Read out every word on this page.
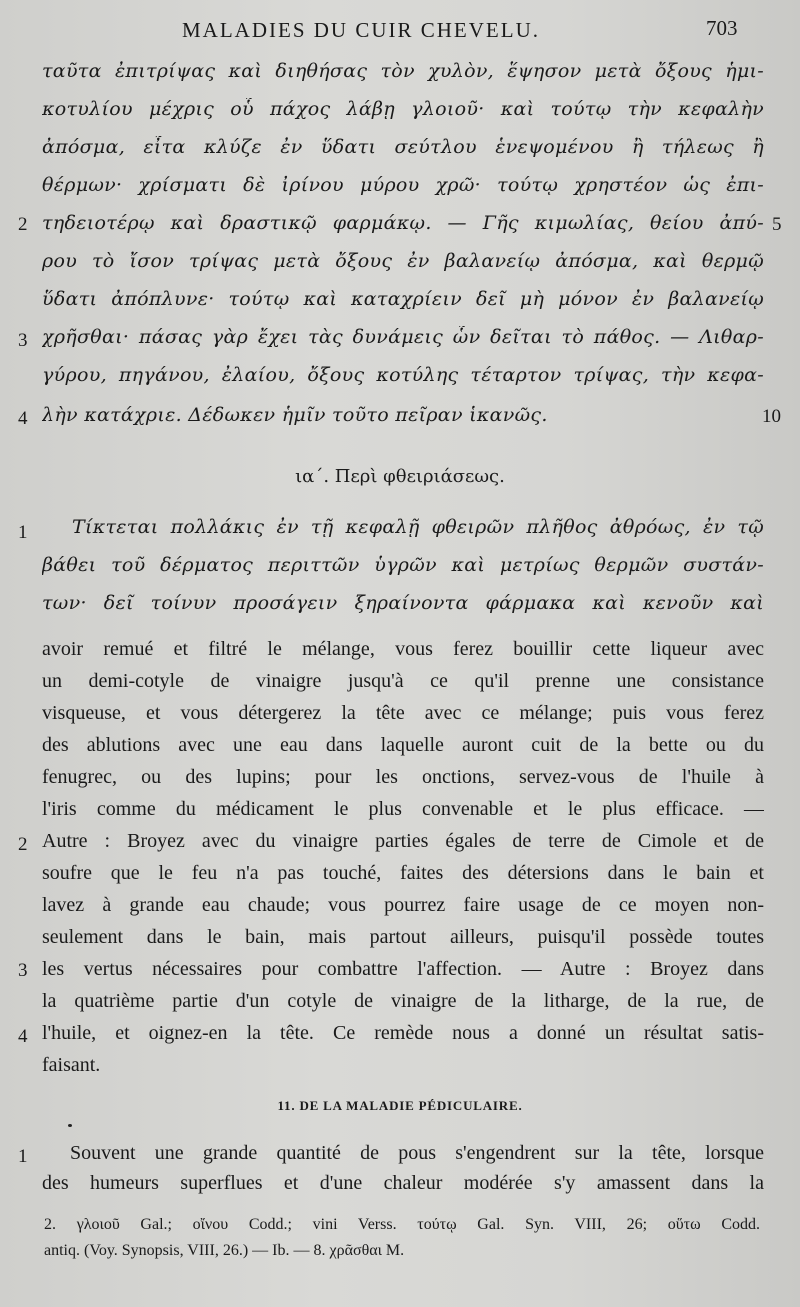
MALADIES DU CUIR CHEVELU.	703
ταῦτα ἐπιτρίψας καὶ διηθήσας τὸν χυλὸν, ἕψησον μετὰ ὄξους ἡμι-
κοτυλίου μέχρις οὗ πάχος λάβῃ γλοιοῦ· καὶ τούτῳ τὴν κεφαλὴν
ἀπόσμα, εἶτα κλύζε ἐν ὕδατι σεύτλου ἑνεψομένου ἢ τήλεως ἢ
θέρμων· χρίσματι δὲ ἰρίνου μύρου χρῶ· τούτῳ χρηστέον ὡς ἐπι-
τηδειοτέρῳ καὶ δραστικῷ φαρμάκῳ. — Γῆς κιμωλίας, θείου ἀπύ-
ρου τὸ ἴσον τρίψας μετὰ ὄξους ἐν βαλανείῳ ἀπόσμα, καὶ θερμῷ
ὕδατι ἀπόπλυνε· τούτῳ καὶ καταχρίειν δεῖ μὴ μόνον ἐν βαλανείῳ
χρῆσθαι· πάσας γὰρ ἔχει τὰς δυνάμεις ὧν δεῖται τὸ πάθος. — Λιθαρ-
γύρου, πηγάνου, ἐλαίου, ὄξους κοτύλης τέταρτον τρίψας, τὴν κεφα-
λὴν κατάχριε. Δέδωκεν ἡμῖν τοῦτο πεῖραν ἱκανῶς.
ια΄. Περὶ φθειριάσεως.
Τίκτεται πολλάκις ἐν τῇ κεφαλῇ φθειρῶν πλῆθος ἀθρόως, ἐν τῷ
βάθει τοῦ δέρματος περιττῶν ὑγρῶν καὶ μετρίως θερμῶν συστάν-
των· δεῖ τοίνυν προσάγειν ξηραίνοντα φάρμακα καὶ κενοῦν καὶ
avoir remué et filtré le mélange, vous ferez bouillir cette liqueur avec
un demi-cotyle de vinaigre jusqu'à ce qu'il prenne une consistance
visqueuse, et vous détergerez la tête avec ce mélange; puis vous ferez
des ablutions avec une eau dans laquelle auront cuit de la bette ou du
fenugrec, ou des lupins; pour les onctions, servez-vous de l'huile à
l'iris comme du médicament le plus convenable et le plus efficace. —
Autre : Broyez avec du vinaigre parties égales de terre de Cimole et de
soufre que le feu n'a pas touché, faites des détersions dans le bain et
lavez à grande eau chaude; vous pourrez faire usage de ce moyen non-
seulement dans le bain, mais partout ailleurs, puisqu'il possède toutes
les vertus nécessaires pour combattre l'affection. — Autre : Broyez dans
la quatrième partie d'un cotyle de vinaigre de la litharge, de la rue, de
l'huile, et oignez-en la tête. Ce remède nous a donné un résultat satis-
faisant.
11. DE LA MALADIE PÉDICULAIRE.
Souvent une grande quantité de pous s'engendrent sur la tête, lorsque
des humeurs superflues et d'une chaleur modérée s'y amassent dans la
2. γλοιοῦ Gal.; οἴνου Codd.; vini Verss. τούτῳ Gal. Syn. VIII, 26; οὕτω Codd.
antiq. (Voy. Synopsis, VIII, 26.) — Ib. — 8. χρᾶσθαι M.
2
3
4
1
2
3
4
1
5
10
